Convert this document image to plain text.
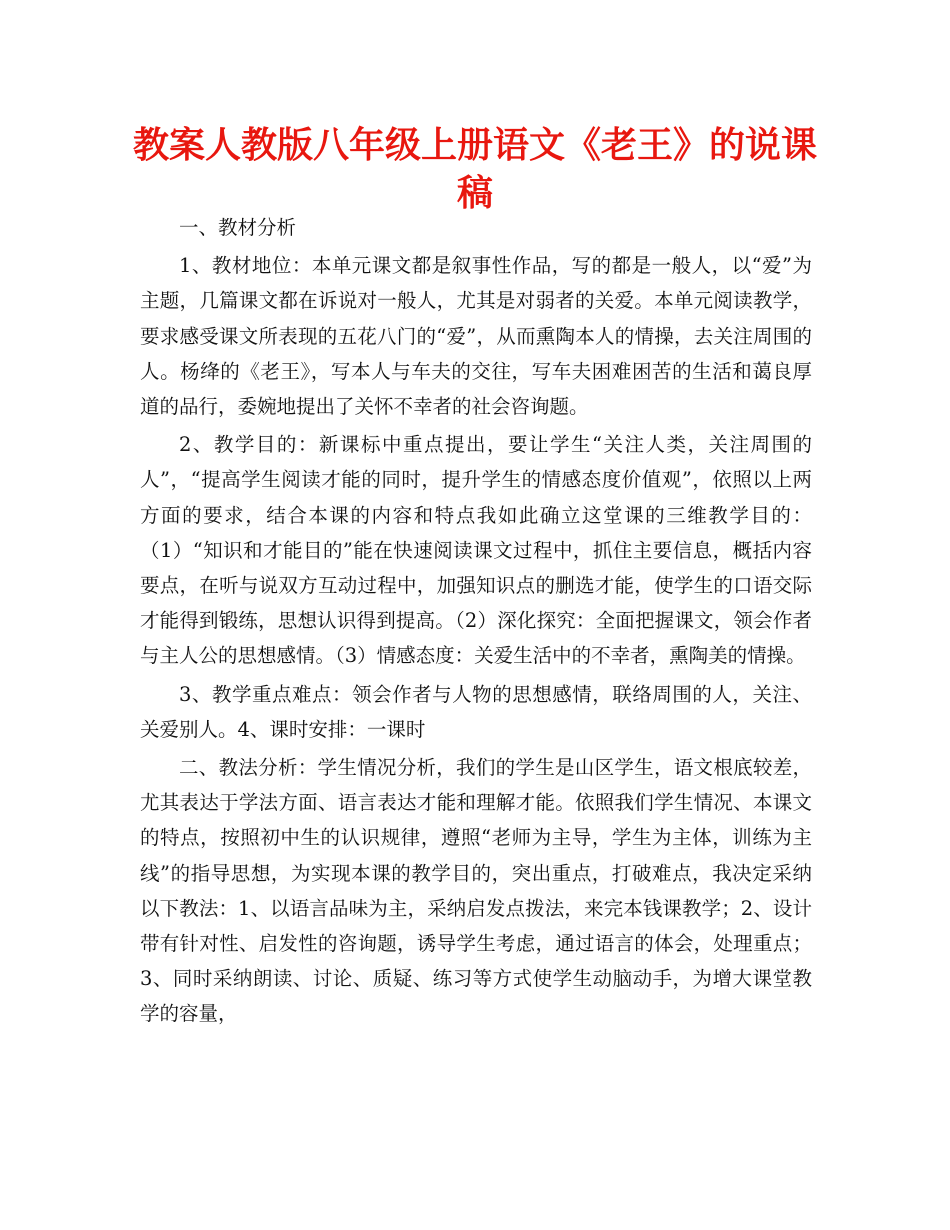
教案人教版八年级上册语文《老王》的说课稿

一、教材分析

1、教材地位：本单元课文都是叙事性作品，写的都是一般人，以“爱”为主题，几篇课文都在诉说对一般人，尤其是对弱者的关爱。本单元阅读教学，要求感受课文所表现的五花八门的“爱”，从而熏陶本人的情操，去关注周围的人。杨绛的《老王》，写本人与车夫的交往，写车夫困难困苦的生活和蔼良厚道的品行，委婉地提出了关怀不幸者的社会咨询题。

2、教学目的：新课标中重点提出，要让学生“关注人类，关注周围的人”，“提高学生阅读才能的同时，提升学生的情感态度价值观”，依照以上两方面的要求，结合本课的内容和特点我如此确立这堂课的三维教学目的：（1）“知识和才能目的”能在快速阅读课文过程中，抓住主要信息，概括内容要点，在听与说双方互动过程中，加强知识点的删选才能，使学生的口语交际才能得到锻练，思想认识得到提高。（2）深化探究：全面把握课文，领会作者与主人公的思想感情。（3）情感态度：关爱生活中的不幸者，熏陶美的情操。

3、教学重点难点：领会作者与人物的思想感情，联络周围的人，关注、关爱别人。4、课时安排：一课时

二、教法分析：学生情况分析，我们的学生是山区学生，语文根底较差，尤其表达于学法方面、语言表达才能和理解才能。依照我们学生情况、本课文的特点，按照初中生的认识规律，遵照“老师为主导，学生为主体，训练为主线”的指导思想，为实现本课的教学目的，突出重点，打破难点，我决定采纳以下教法：1、以语言品味为主，采纳启发点拨法，来完本钱课教学；2、设计带有针对性、启发性的咨询题，诱导学生考虑，通过语言的体会，处理重点；3、同时采纳朗读、讨论、质疑、练习等方式使学生动脑动手，为增大课堂教学的容量，
